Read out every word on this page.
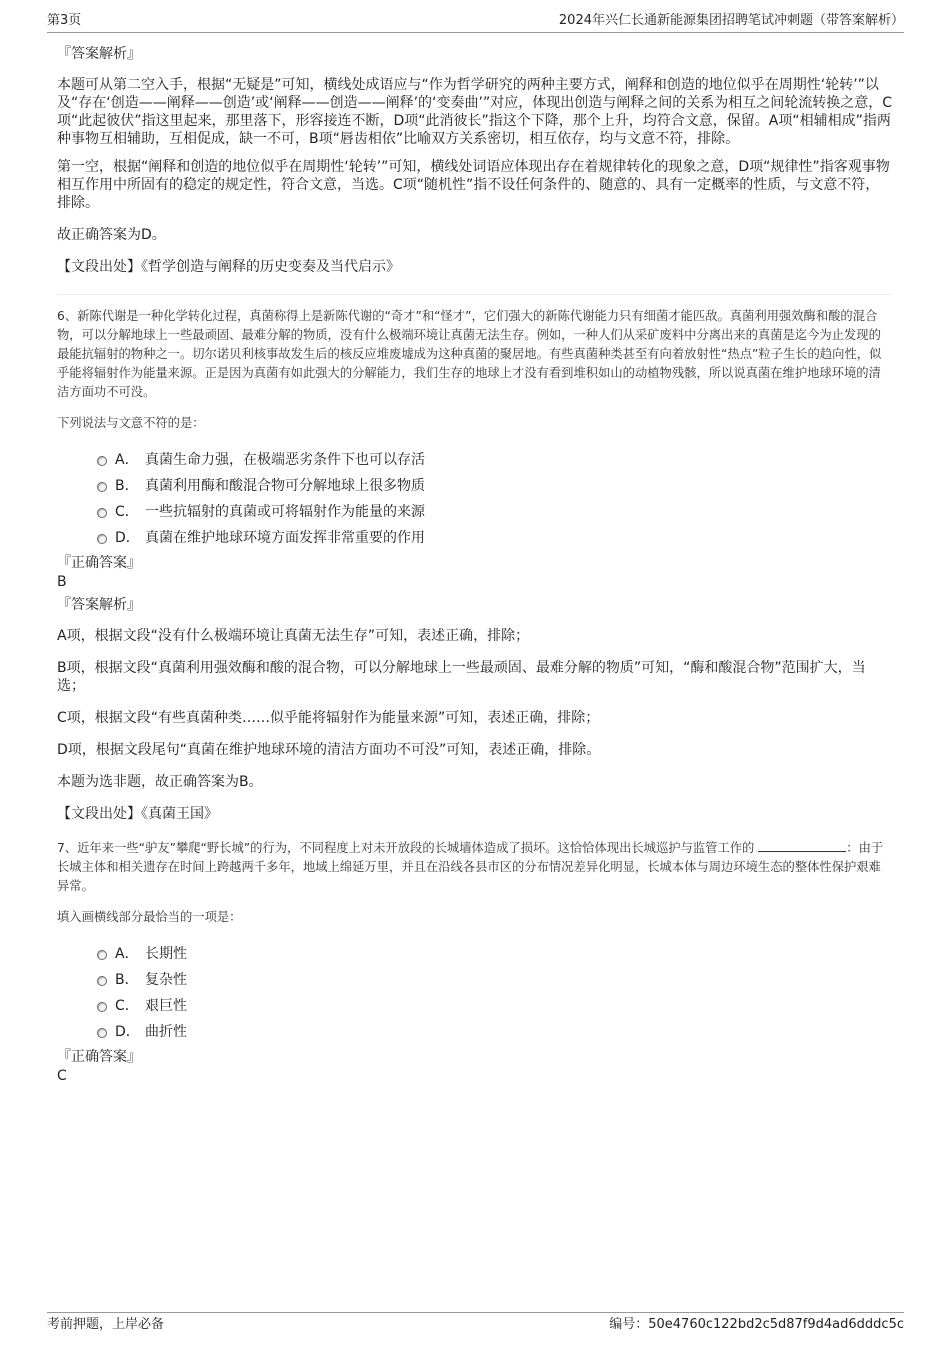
第3页	2024年兴仁长通新能源集团招聘笔试冲刺题（带答案解析）
『答案解析』

本题可从第二空入手，根据“无疑是”可知，横线处成语应与“作为哲学研究的两种主要方式，阐释和创造的地位似乎在周期性‘轮转’”以及“存在‘创造——阐释——创造’或‘阐释——创造——阐释’的‘变奏曲’”对应，体现出创造与阐释之间的关系为相互之间轮流转换之意，C项“此起彼伏”指这里起来，那里落下，形容接连不断，D项“此消彼长”指这个下降，那个上升，均符合文意，保留。A项“相辅相成”指两种事物互相辅助，互相促成，缺一不可，B项“唇齿相依”比喻双方关系密切，相互依存，均与文意不符，排除。

第一空，根据“阐释和创造的地位似乎在周期性‘轮转’”可知，横线处词语应体现出存在着规律转化的现象之意，D项“规律性”指客观事物相互作用中所固有的稳定的规定性，符合文意，当选。C项“随机性”指不设任何条件的、随意的、具有一定概率的性质，与文意不符，排除。

故正确答案为D。

【文段出处】《哲学创造与阐释的历史变奏及当代启示》

6、新陈代谢是一种化学转化过程，真菌称得上是新陈代谢的“奇才”和“怪才”，它们强大的新陈代谢能力只有细菌才能匹敌。真菌利用强效酶和酸的混合物，可以分解地球上一些最顽固、最难分解的物质，没有什么极端环境让真菌无法生存。例如，一种人们从采矿废料中分离出来的真菌是迄今为止发现的最能抗辐射的物种之一。切尔诺贝利核事故发生后的核反应堆废墟成为这种真菌的聚居地。有些真菌种类甚至有向着放射性“热点”粒子生长的趋向性，似乎能将辐射作为能量来源。正是因为真菌有如此强大的分解能力，我们生存的地球上才没有看到堆积如山的动植物残骸，所以说真菌在维护地球环境的清洁方面功不可没。

下列说法与文意不符的是：

A． 真菌生命力强，在极端恶劣条件下也可以存活
B． 真菌利用酶和酸混合物可分解地球上很多物质
C． 一些抗辐射的真菌或可将辐射作为能量的来源
D． 真菌在维护地球环境方面发挥非常重要的作用
『正确答案』
B
『答案解析』

A项，根据文段“没有什么极端环境让真菌无法生存”可知，表述正确，排除；

B项，根据文段“真菌利用强效酶和酸的混合物，可以分解地球上一些最顽固、最难分解的物质”可知，“酶和酸混合物”范围扩大，当选；

C项，根据文段“有些真菌种类……似乎能将辐射作为能量来源”可知，表述正确，排除；

D项，根据文段尾句“真菌在维护地球环境的清洁方面功不可没”可知，表述正确，排除。

本题为选非题，故正确答案为B。

【文段出处】《真菌王国》

7、近年来一些“驴友”攀爬“野长城”的行为，不同程度上对未开放段的长城墙体造成了损坏。这恰恰体现出长城巡护与监管工作的	：由于长城主体和相关遗存在时间上跨越两千多年，地域上绵延万里，并且在沿线各县市区的分布情况差异化明显，长城本体与周边环境生态的整体性保护艰难异常。

填入画横线部分最恰当的一项是：

A． 长期性
B． 复杂性
C． 艰巨性
D． 曲折性
『正确答案』
C
考前押题，上岸必备	编号：50e4760c122bd2c5d87f9d4ad6dddc5c
